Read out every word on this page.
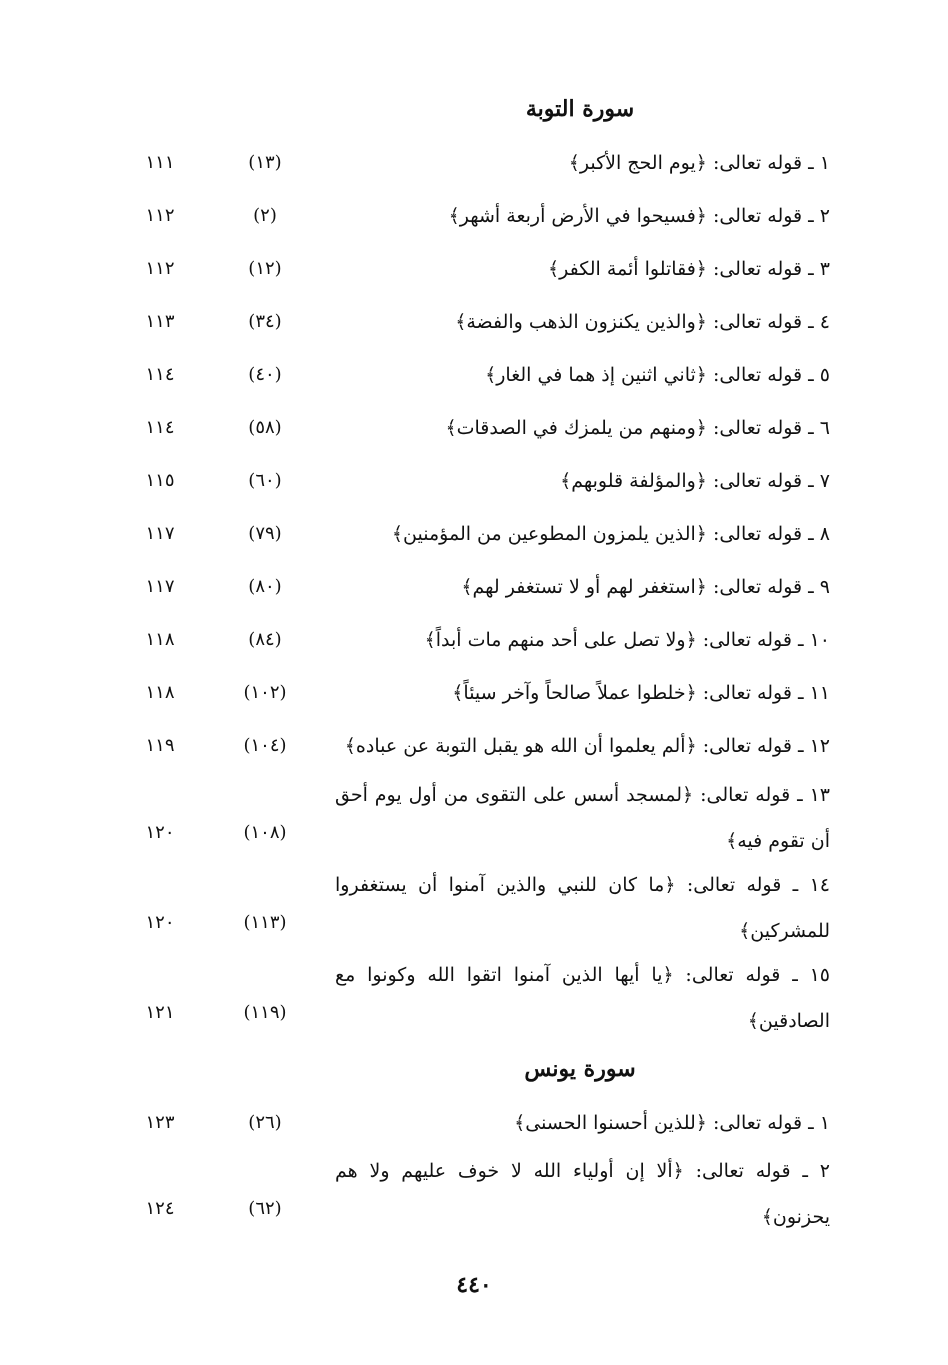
سورة التوبة
١ ـ قوله تعالى: ﴿يوم الحج الأكبر﴾
(١٣)
١١١
٢ ـ قوله تعالى: ﴿فسيحوا في الأرض أربعة أشهر﴾
(٢)
١١٢
٣ ـ قوله تعالى: ﴿فقاتلوا أئمة الكفر﴾
(١٢)
١١٢
٤ ـ قوله تعالى: ﴿والذين يكنزون الذهب والفضة﴾
(٣٤)
١١٣
٥ ـ قوله تعالى: ﴿ثاني اثنين إذ هما في الغار﴾
(٤٠)
١١٤
٦ ـ قوله تعالى: ﴿ومنهم من يلمزك في الصدقات﴾
(٥٨)
١١٤
٧ ـ قوله تعالى: ﴿والمؤلفة قلوبهم﴾
(٦٠)
١١٥
٨ ـ قوله تعالى: ﴿الذين يلمزون المطوعين من المؤمنين﴾
(٧٩)
١١٧
٩ ـ قوله تعالى: ﴿استغفر لهم أو لا تستغفر لهم﴾
(٨٠)
١١٧
١٠ ـ قوله تعالى: ﴿ولا تصل على أحد منهم مات أبداً﴾
(٨٤)
١١٨
١١ ـ قوله تعالى: ﴿خلطوا عملاً صالحاً وآخر سيئاً﴾
(١٠٢)
١١٨
١٢ ـ قوله تعالى: ﴿ألم يعلموا أن الله هو يقبل التوبة عن عباده﴾
(١٠٤)
١١٩
١٣ ـ قوله تعالى: ﴿لمسجد أسس على التقوى من أول يوم أحق أن تقوم فيه﴾
(١٠٨)
١٢٠
١٤ ـ قوله تعالى: ﴿ما كان للنبي والذين آمنوا أن يستغفروا للمشركين﴾
(١١٣)
١٢٠
١٥ ـ قوله تعالى: ﴿يا أيها الذين آمنوا اتقوا الله وكونوا مع الصادقين﴾
(١١٩)
١٢١
سورة يونس
١ ـ قوله تعالى: ﴿للذين أحسنوا الحسنى﴾
(٢٦)
١٢٣
٢ ـ قوله تعالى: ﴿ألا إن أولياء الله لا خوف عليهم ولا هم يحزنون﴾
(٦٢)
١٢٤
٤٤٠
